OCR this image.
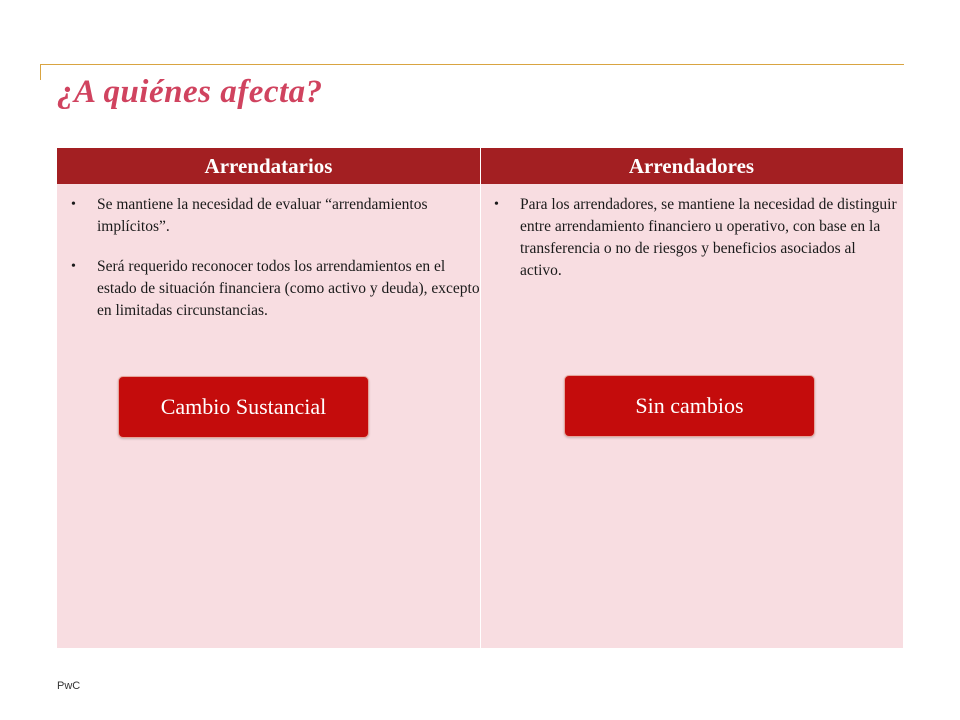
¿A quiénes afecta?
Arrendatarios	Arrendadores
• Se mantiene la necesidad de evaluar “arrendamientos implícitos”.
• Será requerido reconocer todos los arrendamientos en el estado de situación financiera (como activo y deuda), excepto en limitadas circunstancias.
• Para los arrendadores, se mantiene la necesidad de distinguir entre arrendamiento financiero u operativo, con base en la transferencia o no de riesgos y beneficios asociados al activo.
Cambio Sustancial	Sin cambios
PwC
